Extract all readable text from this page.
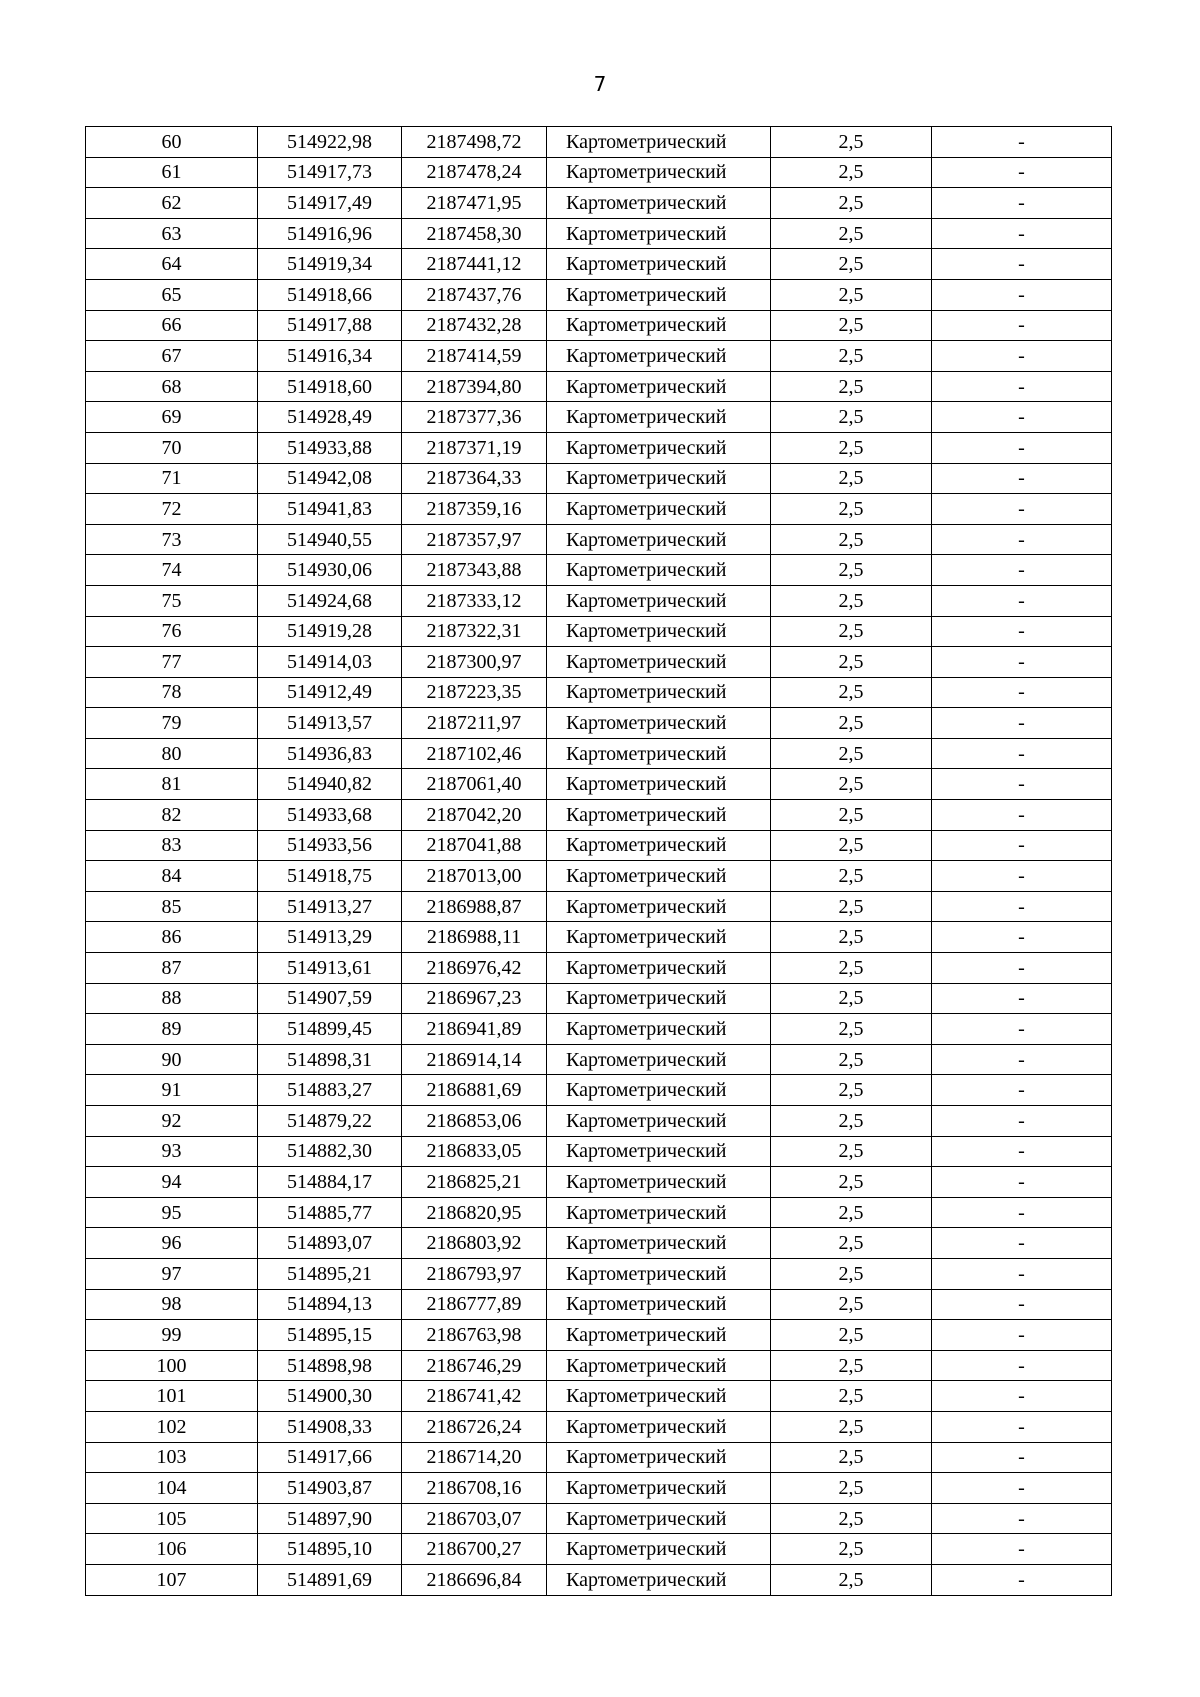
7
60	514922,98	2187498,72	Картометрический	2,5	-
61	514917,73	2187478,24	Картометрический	2,5	-
62	514917,49	2187471,95	Картометрический	2,5	-
63	514916,96	2187458,30	Картометрический	2,5	-
64	514919,34	2187441,12	Картометрический	2,5	-
65	514918,66	2187437,76	Картометрический	2,5	-
66	514917,88	2187432,28	Картометрический	2,5	-
67	514916,34	2187414,59	Картометрический	2,5	-
68	514918,60	2187394,80	Картометрический	2,5	-
69	514928,49	2187377,36	Картометрический	2,5	-
70	514933,88	2187371,19	Картометрический	2,5	-
71	514942,08	2187364,33	Картометрический	2,5	-
72	514941,83	2187359,16	Картометрический	2,5	-
73	514940,55	2187357,97	Картометрический	2,5	-
74	514930,06	2187343,88	Картометрический	2,5	-
75	514924,68	2187333,12	Картометрический	2,5	-
76	514919,28	2187322,31	Картометрический	2,5	-
77	514914,03	2187300,97	Картометрический	2,5	-
78	514912,49	2187223,35	Картометрический	2,5	-
79	514913,57	2187211,97	Картометрический	2,5	-
80	514936,83	2187102,46	Картометрический	2,5	-
81	514940,82	2187061,40	Картометрический	2,5	-
82	514933,68	2187042,20	Картометрический	2,5	-
83	514933,56	2187041,88	Картометрический	2,5	-
84	514918,75	2187013,00	Картометрический	2,5	-
85	514913,27	2186988,87	Картометрический	2,5	-
86	514913,29	2186988,11	Картометрический	2,5	-
87	514913,61	2186976,42	Картометрический	2,5	-
88	514907,59	2186967,23	Картометрический	2,5	-
89	514899,45	2186941,89	Картометрический	2,5	-
90	514898,31	2186914,14	Картометрический	2,5	-
91	514883,27	2186881,69	Картометрический	2,5	-
92	514879,22	2186853,06	Картометрический	2,5	-
93	514882,30	2186833,05	Картометрический	2,5	-
94	514884,17	2186825,21	Картометрический	2,5	-
95	514885,77	2186820,95	Картометрический	2,5	-
96	514893,07	2186803,92	Картометрический	2,5	-
97	514895,21	2186793,97	Картометрический	2,5	-
98	514894,13	2186777,89	Картометрический	2,5	-
99	514895,15	2186763,98	Картометрический	2,5	-
100	514898,98	2186746,29	Картометрический	2,5	-
101	514900,30	2186741,42	Картометрический	2,5	-
102	514908,33	2186726,24	Картометрический	2,5	-
103	514917,66	2186714,20	Картометрический	2,5	-
104	514903,87	2186708,16	Картометрический	2,5	-
105	514897,90	2186703,07	Картометрический	2,5	-
106	514895,10	2186700,27	Картометрический	2,5	-
107	514891,69	2186696,84	Картометрический	2,5	-
